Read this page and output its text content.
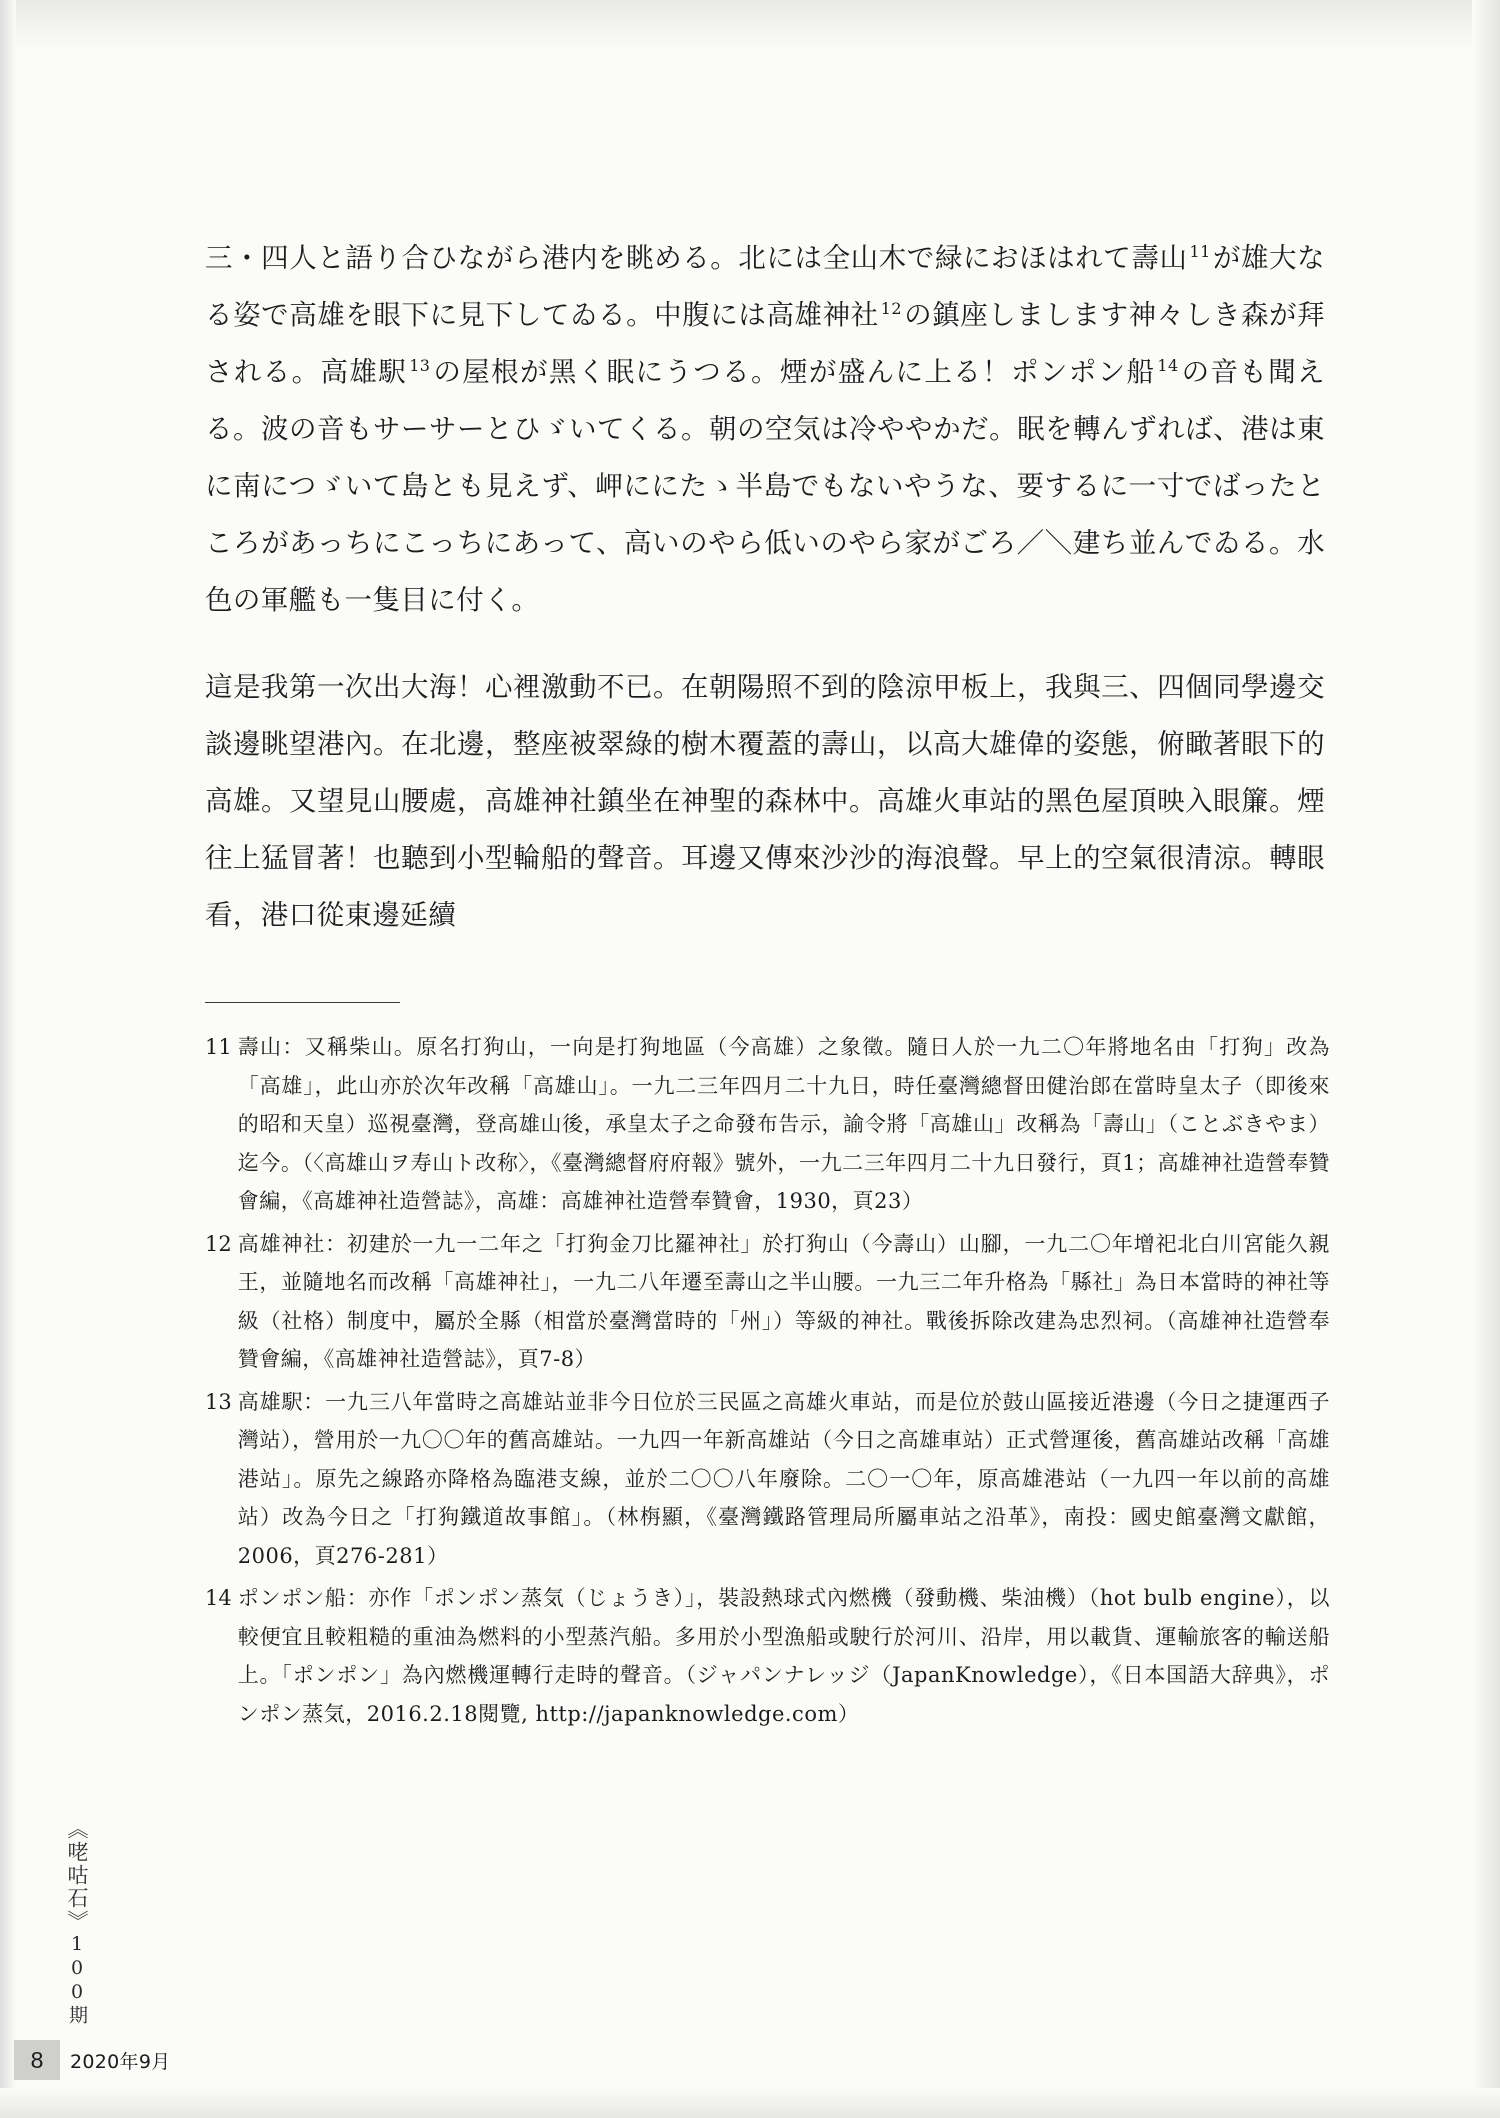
三・四人と語り合ひながら港内を眺める。北には全山木で緑におほはれて壽山 $^{11}$が雄大なる姿で高雄を眼下に見下してゐる。中腹には高雄神社 $^{12}$の鎮座しまします神々しき森が拜される。高雄駅 $^{13}$の屋根が黑く眠にうつる。煙が盛んに上る！ポンポン船 $^{14}$の音も聞える。波の音もサーサーとひゞいてくる。朝の空気は冷ややかだ。眠を轉んずれば、港は東に南につゞいて島とも見えず、岬ににたゝ半島でもないやうな、要するに一寸でばったところがあっちにこっちにあって、高いのやら低いのやら家がごろ／＼建ち並んでゐる。水色の軍艦も一隻目に付く。

這是我第一次出大海！心裡激動不已。在朝陽照不到的陰涼甲板上，我與三、四個同學邊交談邊眺望港內。在北邊，整座被翠綠的樹木覆蓋的壽山，以高大雄偉的姿態，俯瞰著眼下的高雄。又望見山腰處，高雄神社鎮坐在神聖的森林中。高雄火車站的黑色屋頂映入眼簾。煙往上猛冒著！也聽到小型輪船的聲音。耳邊又傳來沙沙的海浪聲。早上的空氣很清涼。轉眼看，港口從東邊延續

11 壽山：又稱柴山。原名打狗山，一向是打狗地區（今高雄）之象徵。隨日人於一九二〇年將地名由「打狗」改為「高雄」，此山亦於次年改稱「高雄山」。一九二三年四月二十九日，時任臺灣總督田健治郎在當時皇太子（即後來的昭和天皇）巡視臺灣，登高雄山後，承皇太子之命發布告示，諭令將「高雄山」改稱為「壽山」（ことぶきやま）迄今。（〈高雄山ヲ寿山ト改称〉，《臺灣總督府府報》號外，一九二三年四月二十九日發行，頁1；高雄神社造營奉贊會編，《高雄神社造營誌》，高雄：高雄神社造營奉贊會，1930，頁23）
12 高雄神社：初建於一九一二年之「打狗金刀比羅神社」於打狗山（今壽山）山腳，一九二〇年增祀北白川宮能久親王，並隨地名而改稱「高雄神社」，一九二八年遷至壽山之半山腰。一九三二年升格為「縣社」為日本當時的神社等級（社格）制度中，屬於全縣（相當於臺灣當時的「州」）等級的神社。戰後拆除改建為忠烈祠。（高雄神社造營奉贊會編，《高雄神社造營誌》，頁7-8）
13 高雄駅：一九三八年當時之高雄站並非今日位於三民區之高雄火車站，而是位於鼓山區接近港邊（今日之捷運西子灣站），營用於一九〇〇年的舊高雄站。一九四一年新高雄站（今日之高雄車站）正式營運後，舊高雄站改稱「高雄港站」。原先之線路亦降格為臨港支線，並於二〇〇八年廢除。二〇一〇年，原高雄港站（一九四一年以前的高雄站）改為今日之「打狗鐵道故事館」。（林栴顯，《臺灣鐵路管理局所屬車站之沿革》，南投：國史館臺灣文獻館，2006，頁276-281）
14 ポンポン船：亦作「ポンポン蒸気（じょうき）」，裝設熱球式內燃機（發動機、柴油機）（hot bulb engine），以較便宜且較粗糙的重油為燃料的小型蒸汽船。多用於小型漁船或駛行於河川、沿岸，用以載貨、運輸旅客的輸送船上。「ポンポン」為內燃機運轉行走時的聲音。（ジャパンナレッジ（JapanKnowledge），《日本国語大辞典》，ポンポン蒸気，2016.2.18閱覽, http://japanknowledge.com）
《咾咕石》100期
8 2020年9月
